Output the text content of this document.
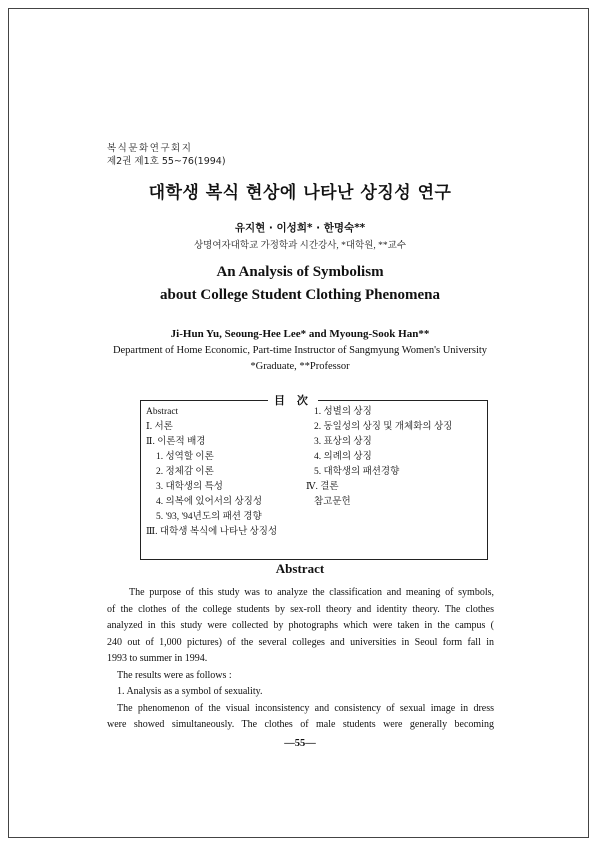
복식문화연구회지
제2권 제1호 55~76(1994)
대학생 복식 현상에 나타난 상징성 연구
유지현 · 이성희* · 한명숙**
상명여자대학교 가정학과 시간강사, *대학원, **교수
An Analysis of Symbolism
about College Student Clothing Phenomena
Ji-Hun Yu, Seoung-Hee Lee* and Myoung-Sook Han**
Department of Home Economic, Part-time Instructor of Sangmyung Women's University
*Graduate, **Professor
目 次
Abstract
Ⅰ. 서론
Ⅱ. 이론적 배경
1. 성역할 이론
2. 정체감 이론
3. 대학생의 특성
4. 의복에 있어서의 상징성
5. '93, '94년도의 패션 경향
Ⅲ. 대학생 복식에 나타난 상징성
1. 성별의 상징
2. 동일성의 상징 및 개체화의 상징
3. 표상의 상징
4. 의례의 상징
5. 대학생의 패션경향
Ⅳ. 결론
참고문헌
Abstract
The purpose of this study was to analyze the classification and meaning of symbols,
of the clothes of the college students by sex-roll theory and identity theory. The clothes
analyzed in this study were collected by photographs which were taken in the campus (
240 out of 1,000 pictures) of the several colleges and universities in Seoul form fall in
1993 to summer in 1994.
The results were as follows :
1. Analysis as a symbol of sexuality.
The phenomenon of the visual inconsistency and consistency of sexual image in dress
were showed simultaneously. The clothes of male students were generally becoming
—55—
